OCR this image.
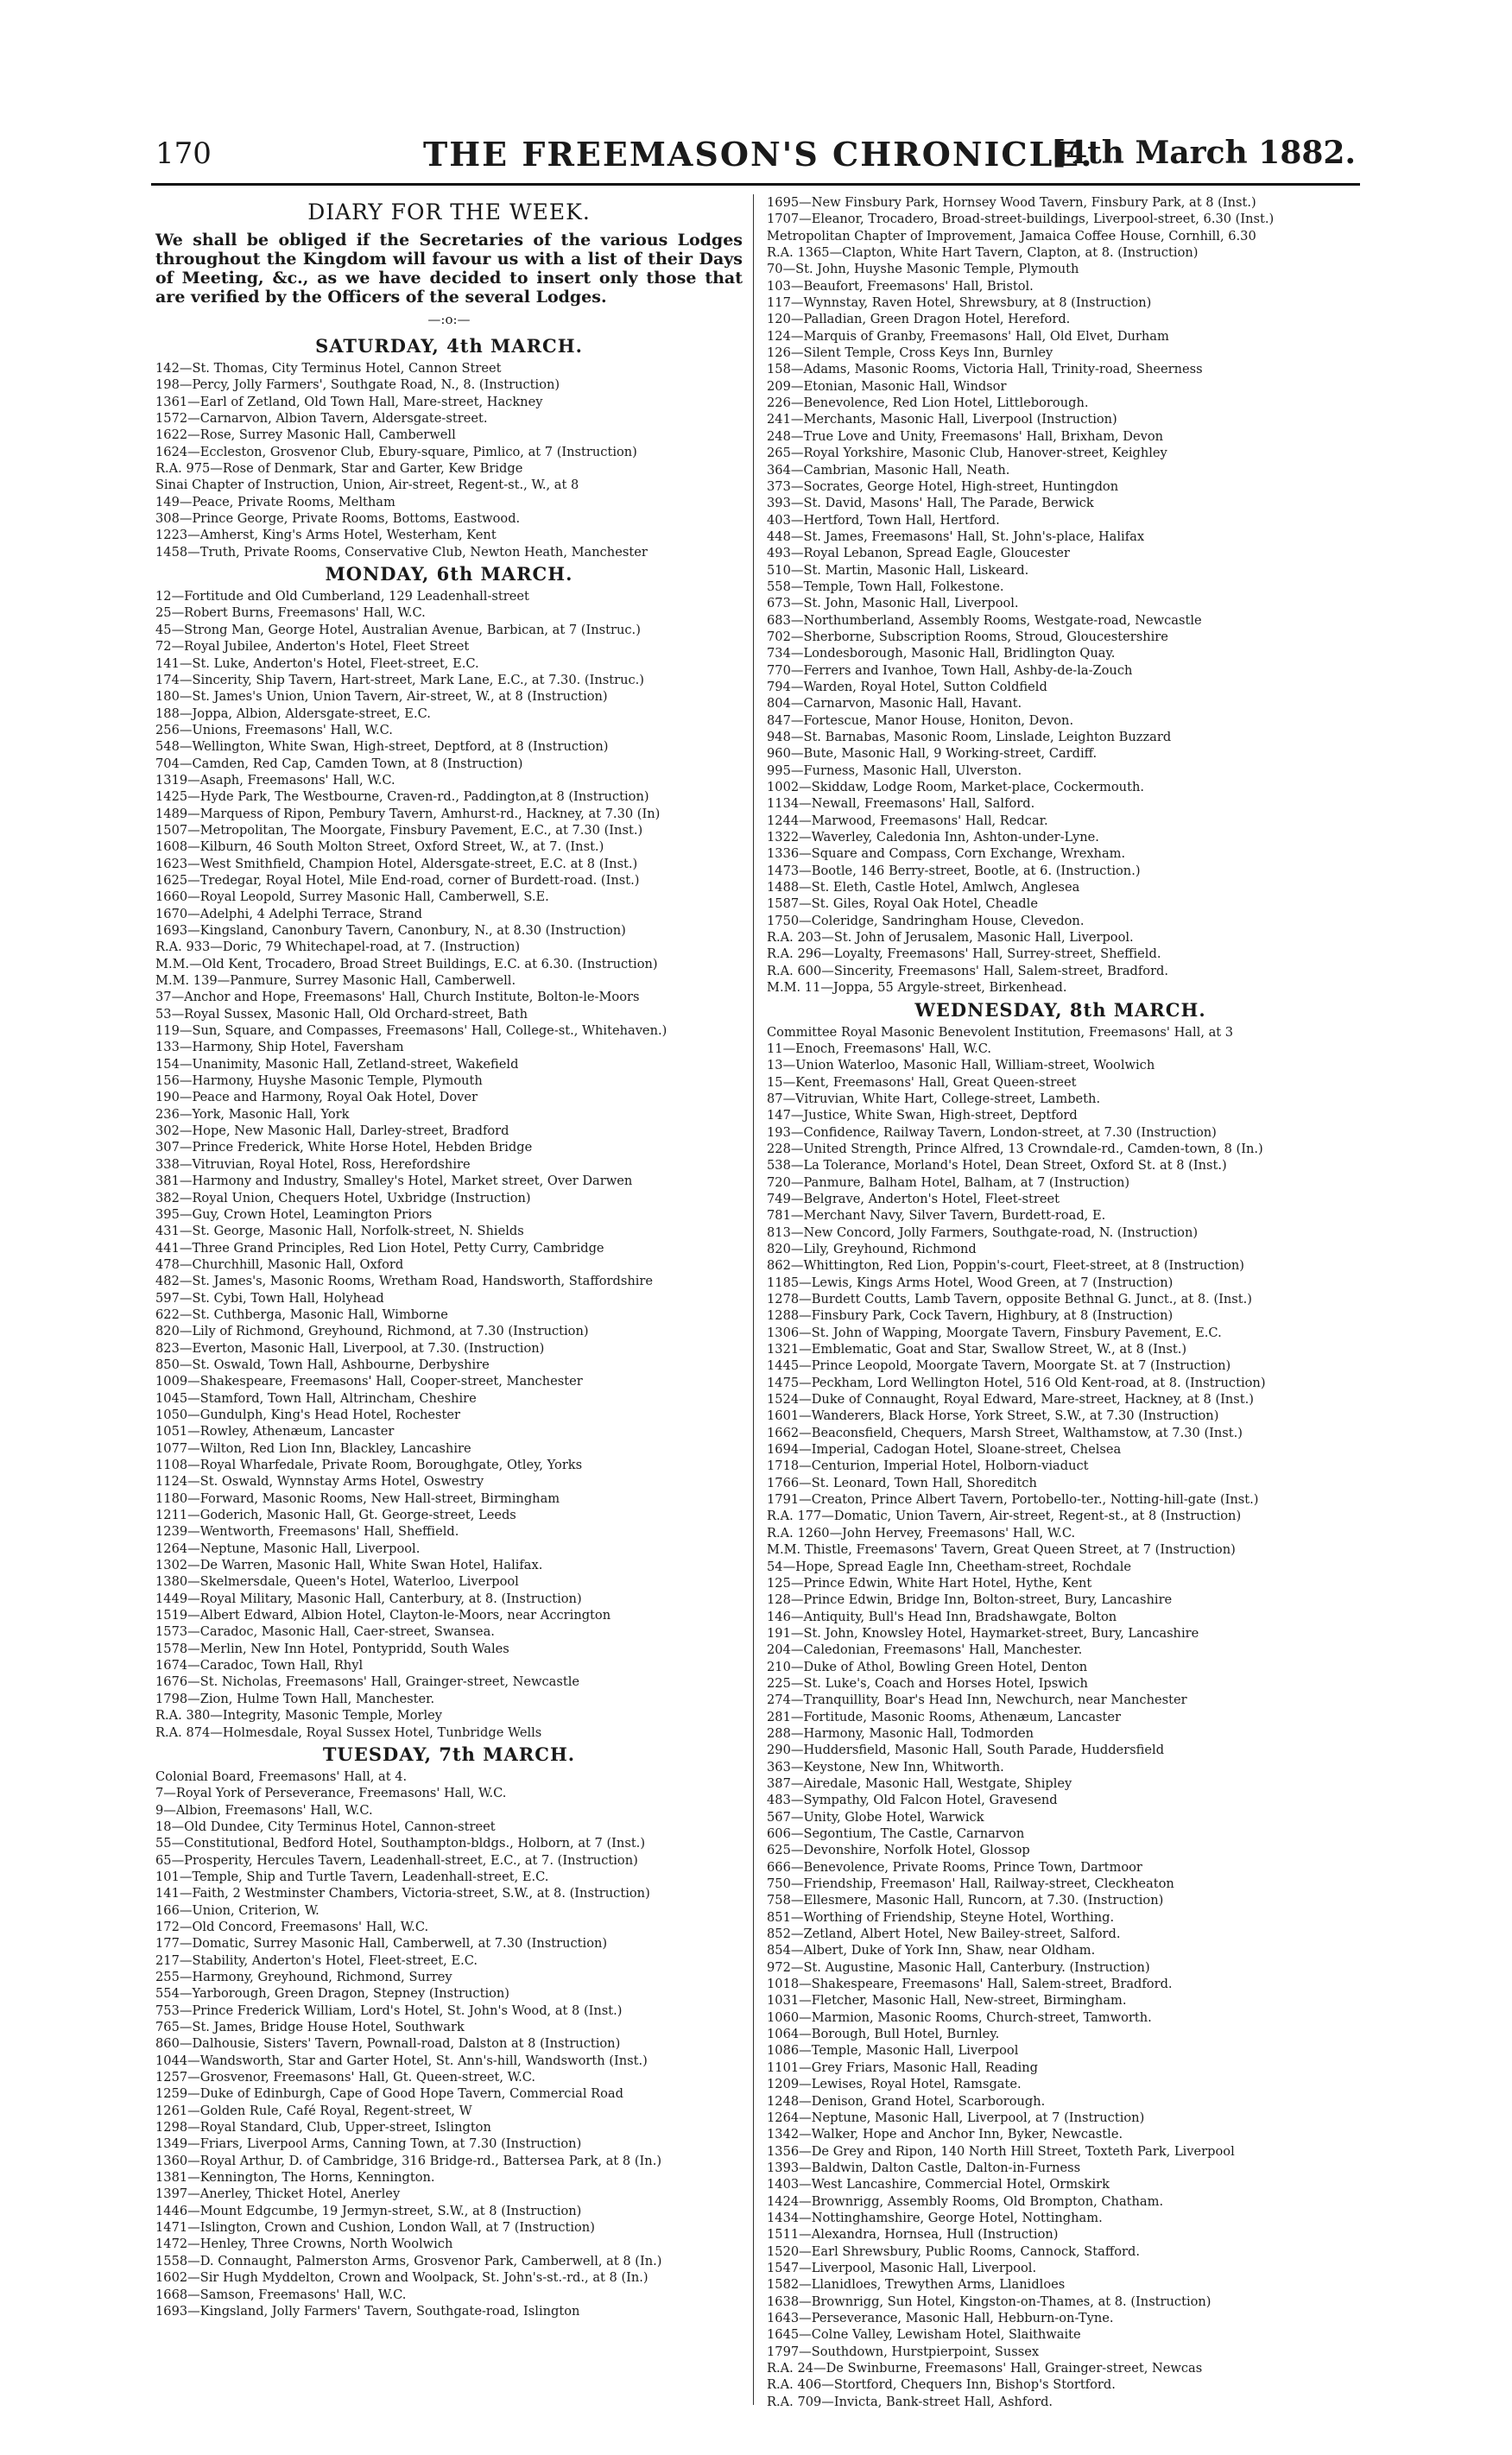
170	THE FREEMASON'S CHRONICLE.
[4th March 1882.
DIARY FOR THE WEEK.

We shall be obliged if the Secretaries of the various Lodges throughout the Kingdom will favour us with a list of their Days of Meeting, &c., as we have decided to insert only those that are verified by the Officers of the several Lodges.

—:o:—
SATURDAY, 4th MARCH.
142—St. Thomas, City Terminus Hotel, Cannon Street
198—Percy, Jolly Farmers', Southgate Road, N., 8. (Instruction)
1361—Earl of Zetland, Old Town Hall, Mare-street, Hackney
1572—Carnarvon, Albion Tavern, Aldersgate-street.
1622—Rose, Surrey Masonic Hall, Camberwell
1624—Eccleston, Grosvenor Club, Ebury-square, Pimlico, at 7 (Instruction)
R.A. 975—Rose of Denmark, Star and Garter, Kew Bridge
Sinai Chapter of Instruction, Union, Air-street, Regent-st., W., at 8
149—Peace, Private Rooms, Meltham
308—Prince George, Private Rooms, Bottoms, Eastwood.
1223—Amherst, King's Arms Hotel, Westerham, Kent
1458—Truth, Private Rooms, Conservative Club, Newton Heath, Manchester
MONDAY, 6th MARCH.
12—Fortitude and Old Cumberland, 129 Leadenhall-street
25—Robert Burns, Freemasons' Hall, W.C.
45—Strong Man, George Hotel, Australian Avenue, Barbican, at 7 (Instruc.)
72—Royal Jubilee, Anderton's Hotel, Fleet Street
141—St. Luke, Anderton's Hotel, Fleet-street, E.C.
174—Sincerity, Ship Tavern, Hart-street, Mark Lane, E.C., at 7.30. (Instruc.)
180—St. James's Union, Union Tavern, Air-street, W., at 8 (Instruction)
188—Joppa, Albion, Aldersgate-street, E.C.
256—Unions, Freemasons' Hall, W.C.
548—Wellington, White Swan, High-street, Deptford, at 8 (Instruction)
704—Camden, Red Cap, Camden Town, at 8 (Instruction)
1319—Asaph, Freemasons' Hall, W.C.
1425—Hyde Park, The Westbourne, Craven-rd., Paddington,at 8 (Instruction)
1489—Marquess of Ripon, Pembury Tavern, Amhurst-rd., Hackney, at 7.30 (In)
1507—Metropolitan, The Moorgate, Finsbury Pavement, E.C., at 7.30 (Inst.)
1608—Kilburn, 46 South Molton Street, Oxford Street, W., at 7. (Inst.)
1623—West Smithfield, Champion Hotel, Aldersgate-street, E.C. at 8 (Inst.)
1625—Tredegar, Royal Hotel, Mile End-road, corner of Burdett-road. (Inst.)
1660—Royal Leopold, Surrey Masonic Hall, Camberwell, S.E.
1670—Adelphi, 4 Adelphi Terrace, Strand
1693—Kingsland, Canonbury Tavern, Canonbury, N., at 8.30 (Instruction)
R.A. 933—Doric, 79 Whitechapel-road, at 7. (Instruction)
M.M.—Old Kent, Trocadero, Broad Street Buildings, E.C. at 6.30. (Instruction)
M.M. 139—Panmure, Surrey Masonic Hall, Camberwell.
37—Anchor and Hope, Freemasons' Hall, Church Institute, Bolton-le-Moors
53—Royal Sussex, Masonic Hall, Old Orchard-street, Bath
119—Sun, Square, and Compasses, Freemasons' Hall, College-st., Whitehaven.)
133—Harmony, Ship Hotel, Faversham
154—Unanimity, Masonic Hall, Zetland-street, Wakefield
156—Harmony, Huyshe Masonic Temple, Plymouth
190—Peace and Harmony, Royal Oak Hotel, Dover
236—York, Masonic Hall, York
302—Hope, New Masonic Hall, Darley-street, Bradford
307—Prince Frederick, White Horse Hotel, Hebden Bridge
338—Vitruvian, Royal Hotel, Ross, Herefordshire
381—Harmony and Industry, Smalley's Hotel, Market street, Over Darwen
382—Royal Union, Chequers Hotel, Uxbridge (Instruction)
395—Guy, Crown Hotel, Leamington Priors
431—St. George, Masonic Hall, Norfolk-street, N. Shields
441—Three Grand Principles, Red Lion Hotel, Petty Curry, Cambridge
478—Churchhill, Masonic Hall, Oxford
482—St. James's, Masonic Rooms, Wretham Road, Handsworth, Staffordshire
597—St. Cybi, Town Hall, Holyhead
622—St. Cuthberga, Masonic Hall, Wimborne
820—Lily of Richmond, Greyhound, Richmond, at 7.30 (Instruction)
823—Everton, Masonic Hall, Liverpool, at 7.30. (Instruction)
850—St. Oswald, Town Hall, Ashbourne, Derbyshire
1009—Shakespeare, Freemasons' Hall, Cooper-street, Manchester
1045—Stamford, Town Hall, Altrincham, Cheshire
1050—Gundulph, King's Head Hotel, Rochester
1051—Rowley, Athenæum, Lancaster
1077—Wilton, Red Lion Inn, Blackley, Lancashire
1108—Royal Wharfedale, Private Room, Boroughgate, Otley, Yorks
1124—St. Oswald, Wynnstay Arms Hotel, Oswestry
1180—Forward, Masonic Rooms, New Hall-street, Birmingham
1211—Goderich, Masonic Hall, Gt. George-street, Leeds
1239—Wentworth, Freemasons' Hall, Sheffield.
1264—Neptune, Masonic Hall, Liverpool.
1302—De Warren, Masonic Hall, White Swan Hotel, Halifax.
1380—Skelmersdale, Queen's Hotel, Waterloo, Liverpool
1449—Royal Military, Masonic Hall, Canterbury, at 8. (Instruction)
1519—Albert Edward, Albion Hotel, Clayton-le-Moors, near Accrington
1573—Caradoc, Masonic Hall, Caer-street, Swansea.
1578—Merlin, New Inn Hotel, Pontypridd, South Wales
1674—Caradoc, Town Hall, Rhyl
1676—St. Nicholas, Freemasons' Hall, Grainger-street, Newcastle
1798—Zion, Hulme Town Hall, Manchester.
R.A. 380—Integrity, Masonic Temple, Morley
R.A. 874—Holmesdale, Royal Sussex Hotel, Tunbridge Wells
TUESDAY, 7th MARCH.
Colonial Board, Freemasons' Hall, at 4.
7—Royal York of Perseverance, Freemasons' Hall, W.C.
9—Albion, Freemasons' Hall, W.C.
18—Old Dundee, City Terminus Hotel, Cannon-street
55—Constitutional, Bedford Hotel, Southampton-bldgs., Holborn, at 7 (Inst.)
65—Prosperity, Hercules Tavern, Leadenhall-street, E.C., at 7. (Instruction)
101—Temple, Ship and Turtle Tavern, Leadenhall-street, E.C.
141—Faith, 2 Westminster Chambers, Victoria-street, S.W., at 8. (Instruction)
166—Union, Criterion, W.
172—Old Concord, Freemasons' Hall, W.C.
177—Domatic, Surrey Masonic Hall, Camberwell, at 7.30 (Instruction)
217—Stability, Anderton's Hotel, Fleet-street, E.C.
255—Harmony, Greyhound, Richmond, Surrey
554—Yarborough, Green Dragon, Stepney (Instruction)
753—Prince Frederick William, Lord's Hotel, St. John's Wood, at 8 (Inst.)
765—St. James, Bridge House Hotel, Southwark
860—Dalhousie, Sisters' Tavern, Pownall-road, Dalston at 8 (Instruction)
1044—Wandsworth, Star and Garter Hotel, St. Ann's-hill, Wandsworth (Inst.)
1257—Grosvenor, Freemasons' Hall, Gt. Queen-street, W.C.
1259—Duke of Edinburgh, Cape of Good Hope Tavern, Commercial Road
1261—Golden Rule, Café Royal, Regent-street, W
1298—Royal Standard, Club, Upper-street, Islington
1349—Friars, Liverpool Arms, Canning Town, at 7.30 (Instruction)
1360—Royal Arthur, D. of Cambridge, 316 Bridge-rd., Battersea Park, at 8 (In.)
1381—Kennington, The Horns, Kennington.
1397—Anerley, Thicket Hotel, Anerley
1446—Mount Edgcumbe, 19 Jermyn-street, S.W., at 8 (Instruction)
1471—Islington, Crown and Cushion, London Wall, at 7 (Instruction)
1472—Henley, Three Crowns, North Woolwich
1558—D. Connaught, Palmerston Arms, Grosvenor Park, Camberwell, at 8 (In.)
1602—Sir Hugh Myddelton, Crown and Woolpack, St. John's-st.-rd., at 8 (In.)
1668—Samson, Freemasons' Hall, W.C.
1693—Kingsland, Jolly Farmers' Tavern, Southgate-road, Islington
1695—New Finsbury Park, Hornsey Wood Tavern, Finsbury Park, at 8 (Inst.)
1707—Eleanor, Trocadero, Broad-street-buildings, Liverpool-street, 6.30 (Inst.)
Metropolitan Chapter of Improvement, Jamaica Coffee House, Cornhill, 6.30
R.A. 1365—Clapton, White Hart Tavern, Clapton, at 8. (Instruction)
70—St. John, Huyshe Masonic Temple, Plymouth
103—Beaufort, Freemasons' Hall, Bristol.
117—Wynnstay, Raven Hotel, Shrewsbury, at 8 (Instruction)
120—Palladian, Green Dragon Hotel, Hereford.
124—Marquis of Granby, Freemasons' Hall, Old Elvet, Durham
126—Silent Temple, Cross Keys Inn, Burnley
158—Adams, Masonic Rooms, Victoria Hall, Trinity-road, Sheerness
209—Etonian, Masonic Hall, Windsor
226—Benevolence, Red Lion Hotel, Littleborough.
241—Merchants, Masonic Hall, Liverpool (Instruction)
248—True Love and Unity, Freemasons' Hall, Brixham, Devon
265—Royal Yorkshire, Masonic Club, Hanover-street, Keighley
364—Cambrian, Masonic Hall, Neath.
373—Socrates, George Hotel, High-street, Huntingdon
393—St. David, Masons' Hall, The Parade, Berwick
403—Hertford, Town Hall, Hertford.
448—St. James, Freemasons' Hall, St. John's-place, Halifax
493—Royal Lebanon, Spread Eagle, Gloucester
510—St. Martin, Masonic Hall, Liskeard.
558—Temple, Town Hall, Folkestone.
673—St. John, Masonic Hall, Liverpool.
683—Northumberland, Assembly Rooms, Westgate-road, Newcastle
702—Sherborne, Subscription Rooms, Stroud, Gloucestershire
734—Londesborough, Masonic Hall, Bridlington Quay.
770—Ferrers and Ivanhoe, Town Hall, Ashby-de-la-Zouch
794—Warden, Royal Hotel, Sutton Coldfield
804—Carnarvon, Masonic Hall, Havant.
847—Fortescue, Manor House, Honiton, Devon.
948—St. Barnabas, Masonic Room, Linslade, Leighton Buzzard
960—Bute, Masonic Hall, 9 Working-street, Cardiff.
995—Furness, Masonic Hall, Ulverston.
1002—Skiddaw, Lodge Room, Market-place, Cockermouth.
1134—Newall, Freemasons' Hall, Salford.
1244—Marwood, Freemasons' Hall, Redcar.
1322—Waverley, Caledonia Inn, Ashton-under-Lyne.
1336—Square and Compass, Corn Exchange, Wrexham.
1473—Bootle, 146 Berry-street, Bootle, at 6. (Instruction.)
1488—St. Eleth, Castle Hotel, Amlwch, Anglesea
1587—St. Giles, Royal Oak Hotel, Cheadle
1750—Coleridge, Sandringham House, Clevedon.
R.A. 203—St. John of Jerusalem, Masonic Hall, Liverpool.
R.A. 296—Loyalty, Freemasons' Hall, Surrey-street, Sheffield.
R.A. 600—Sincerity, Freemasons' Hall, Salem-street, Bradford.
M.M. 11—Joppa, 55 Argyle-street, Birkenhead.
WEDNESDAY, 8th MARCH.
Committee Royal Masonic Benevolent Institution, Freemasons' Hall, at 3
11—Enoch, Freemasons' Hall, W.C.
13—Union Waterloo, Masonic Hall, William-street, Woolwich
15—Kent, Freemasons' Hall, Great Queen-street
87—Vitruvian, White Hart, College-street, Lambeth.
147—Justice, White Swan, High-street, Deptford
193—Confidence, Railway Tavern, London-street, at 7.30 (Instruction)
228—United Strength, Prince Alfred, 13 Crowndale-rd., Camden-town, 8 (In.)
538—La Tolerance, Morland's Hotel, Dean Street, Oxford St. at 8 (Inst.)
720—Panmure, Balham Hotel, Balham, at 7 (Instruction)
749—Belgrave, Anderton's Hotel, Fleet-street
781—Merchant Navy, Silver Tavern, Burdett-road, E.
813—New Concord, Jolly Farmers, Southgate-road, N. (Instruction)
820—Lily, Greyhound, Richmond
862—Whittington, Red Lion, Poppin's-court, Fleet-street, at 8 (Instruction)
1185—Lewis, Kings Arms Hotel, Wood Green, at 7 (Instruction)
1278—Burdett Coutts, Lamb Tavern, opposite Bethnal G. Junct., at 8. (Inst.)
1288—Finsbury Park, Cock Tavern, Highbury, at 8 (Instruction)
1306—St. John of Wapping, Moorgate Tavern, Finsbury Pavement, E.C.
1321—Emblematic, Goat and Star, Swallow Street, W., at 8 (Inst.)
1445—Prince Leopold, Moorgate Tavern, Moorgate St. at 7 (Instruction)
1475—Peckham, Lord Wellington Hotel, 516 Old Kent-road, at 8. (Instruction)
1524—Duke of Connaught, Royal Edward, Mare-street, Hackney, at 8 (Inst.)
1601—Wanderers, Black Horse, York Street, S.W., at 7.30 (Instruction)
1662—Beaconsfield, Chequers, Marsh Street, Walthamstow, at 7.30 (Inst.)
1694—Imperial, Cadogan Hotel, Sloane-street, Chelsea
1718—Centurion, Imperial Hotel, Holborn-viaduct
1766—St. Leonard, Town Hall, Shoreditch
1791—Creaton, Prince Albert Tavern, Portobello-ter., Notting-hill-gate (Inst.)
R.A. 177—Domatic, Union Tavern, Air-street, Regent-st., at 8 (Instruction)
R.A. 1260—John Hervey, Freemasons' Hall, W.C.
M.M. Thistle, Freemasons' Tavern, Great Queen Street, at 7 (Instruction)
54—Hope, Spread Eagle Inn, Cheetham-street, Rochdale
125—Prince Edwin, White Hart Hotel, Hythe, Kent
128—Prince Edwin, Bridge Inn, Bolton-street, Bury, Lancashire
146—Antiquity, Bull's Head Inn, Bradshawgate, Bolton
191—St. John, Knowsley Hotel, Haymarket-street, Bury, Lancashire
204—Caledonian, Freemasons' Hall, Manchester.
210—Duke of Athol, Bowling Green Hotel, Denton
225—St. Luke's, Coach and Horses Hotel, Ipswich
274—Tranquillity, Boar's Head Inn, Newchurch, near Manchester
281—Fortitude, Masonic Rooms, Athenæum, Lancaster
288—Harmony, Masonic Hall, Todmorden
290—Huddersfield, Masonic Hall, South Parade, Huddersfield
363—Keystone, New Inn, Whitworth.
387—Airedale, Masonic Hall, Westgate, Shipley
483—Sympathy, Old Falcon Hotel, Gravesend
567—Unity, Globe Hotel, Warwick
606—Segontium, The Castle, Carnarvon
625—Devonshire, Norfolk Hotel, Glossop
666—Benevolence, Private Rooms, Prince Town, Dartmoor
750—Friendship, Freemason' Hall, Railway-street, Cleckheaton
758—Ellesmere, Masonic Hall, Runcorn, at 7.30. (Instruction)
851—Worthing of Friendship, Steyne Hotel, Worthing.
852—Zetland, Albert Hotel, New Bailey-street, Salford.
854—Albert, Duke of York Inn, Shaw, near Oldham.
972—St. Augustine, Masonic Hall, Canterbury. (Instruction)
1018—Shakespeare, Freemasons' Hall, Salem-street, Bradford.
1031—Fletcher, Masonic Hall, New-street, Birmingham.
1060—Marmion, Masonic Rooms, Church-street, Tamworth.
1064—Borough, Bull Hotel, Burnley.
1086—Temple, Masonic Hall, Liverpool
1101—Grey Friars, Masonic Hall, Reading
1209—Lewises, Royal Hotel, Ramsgate.
1248—Denison, Grand Hotel, Scarborough.
1264—Neptune, Masonic Hall, Liverpool, at 7 (Instruction)
1342—Walker, Hope and Anchor Inn, Byker, Newcastle.
1356—De Grey and Ripon, 140 North Hill Street, Toxteth Park, Liverpool
1393—Baldwin, Dalton Castle, Dalton-in-Furness
1403—West Lancashire, Commercial Hotel, Ormskirk
1424—Brownrigg, Assembly Rooms, Old Brompton, Chatham.
1434—Nottinghamshire, George Hotel, Nottingham.
1511—Alexandra, Hornsea, Hull (Instruction)
1520—Earl Shrewsbury, Public Rooms, Cannock, Stafford.
1547—Liverpool, Masonic Hall, Liverpool.
1582—Llanidloes, Trewythen Arms, Llanidloes
1638—Brownrigg, Sun Hotel, Kingston-on-Thames, at 8. (Instruction)
1643—Perseverance, Masonic Hall, Hebburn-on-Tyne.
1645—Colne Valley, Lewisham Hotel, Slaithwaite
1797—Southdown, Hurstpierpoint, Sussex
R.A. 24—De Swinburne, Freemasons' Hall, Grainger-street, Newcas
R.A. 406—Stortford, Chequers Inn, Bishop's Stortford.
R.A. 709—Invicta, Bank-street Hall, Ashford.
